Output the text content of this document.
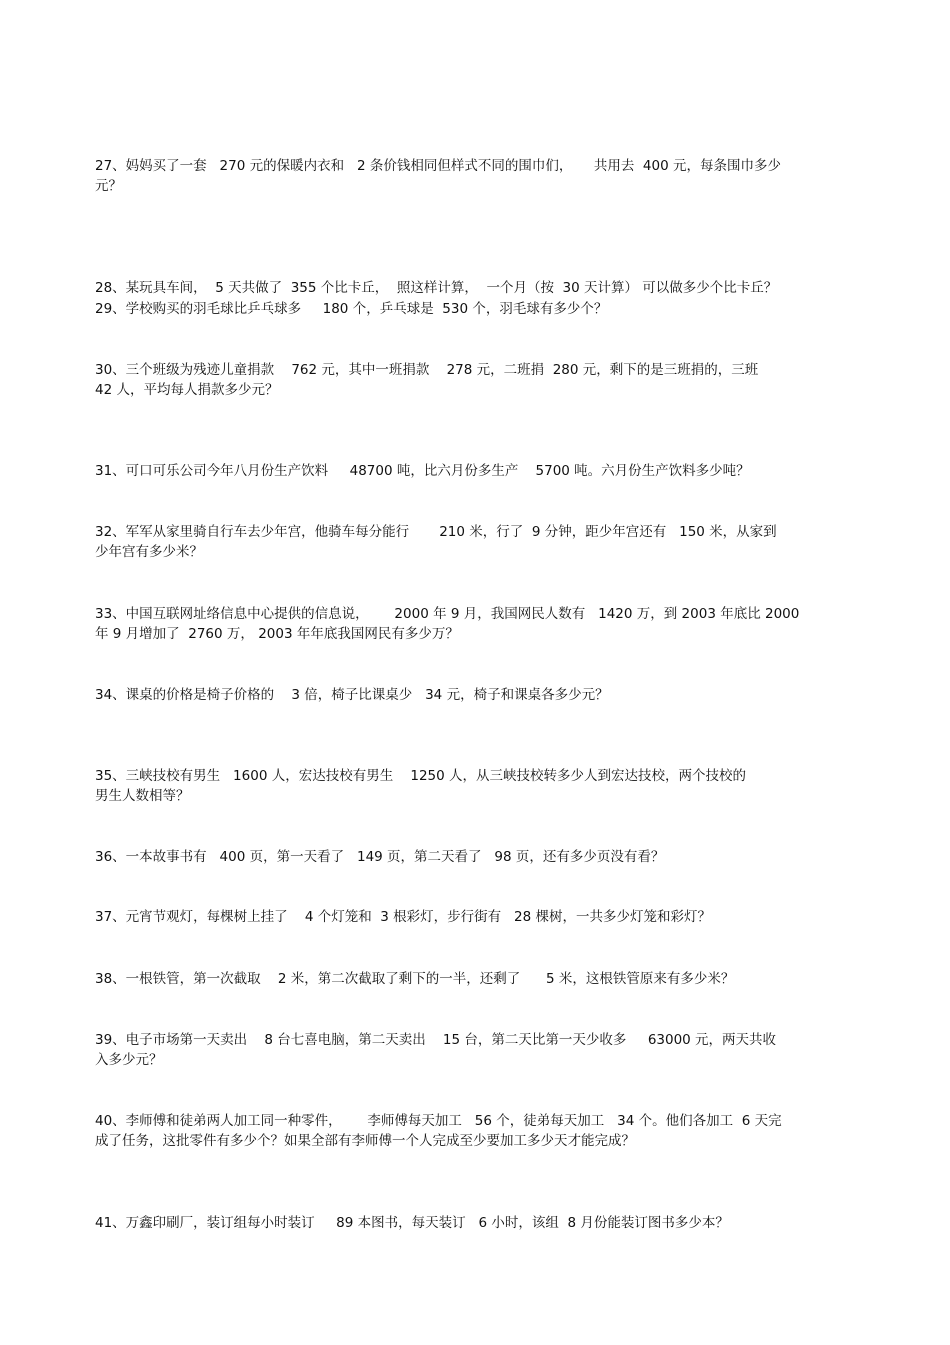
27、妈妈买了一套   270 元的保暖内衣和   2 条价钱相同但样式不同的围巾们，     共用去  400 元，每条围巾多少
元？
28、某玩具车间，  5 天共做了  355 个比卡丘，  照这样计算，  一个月（按  30 天计算） 可以做多少个比卡丘？
29、学校购买的羽毛球比乒乓球多     180 个，乒乓球是  530 个，羽毛球有多少个？
30、三个班级为残迹儿童捐款    762 元，其中一班捐款    278 元，二班捐  280 元，剩下的是三班捐的，三班
42 人，平均每人捐款多少元？
31、可口可乐公司今年八月份生产饮料     48700 吨，比六月份多生产    5700 吨。六月份生产饮料多少吨？
32、军军从家里骑自行车去少年宫，他骑车每分能行       210 米，行了  9 分钟，距少年宫还有   150 米，从家到
少年宫有多少米？
33、中国互联网址络信息中心提供的信息说，      2000 年 9 月，我国网民人数有   1420 万，到 2003 年底比 2000
年 9 月增加了  2760 万， 2003 年年底我国网民有多少万？
34、课桌的价格是椅子价格的    3 倍，椅子比课桌少   34 元，椅子和课桌各多少元？
35、三峡技校有男生   1600 人，宏达技校有男生    1250 人，从三峡技校转多少人到宏达技校，两个技校的
男生人数相等？
36、一本故事书有   400 页，第一天看了   149 页，第二天看了   98 页，还有多少页没有看？
37、元宵节观灯，每棵树上挂了    4 个灯笼和  3 根彩灯，步行街有   28 棵树，一共多少灯笼和彩灯？
38、一根铁管，第一次截取    2 米，第二次截取了剩下的一半，还剩了      5 米，这根铁管原来有多少米？
39、电子市场第一天卖出    8 台七喜电脑，第二天卖出    15 台，第二天比第一天少收多     63000 元，两天共收
入多少元？
40、李师傅和徒弟两人加工同一种零件，      李师傅每天加工   56 个，徒弟每天加工   34 个。他们各加工  6 天完
成了任务，这批零件有多少个？如果全部有李师傅一个人完成至少要加工多少天才能完成？
41、万鑫印刷厂，装订组每小时装订     89 本图书，每天装订   6 小时，该组  8 月份能装订图书多少本？
